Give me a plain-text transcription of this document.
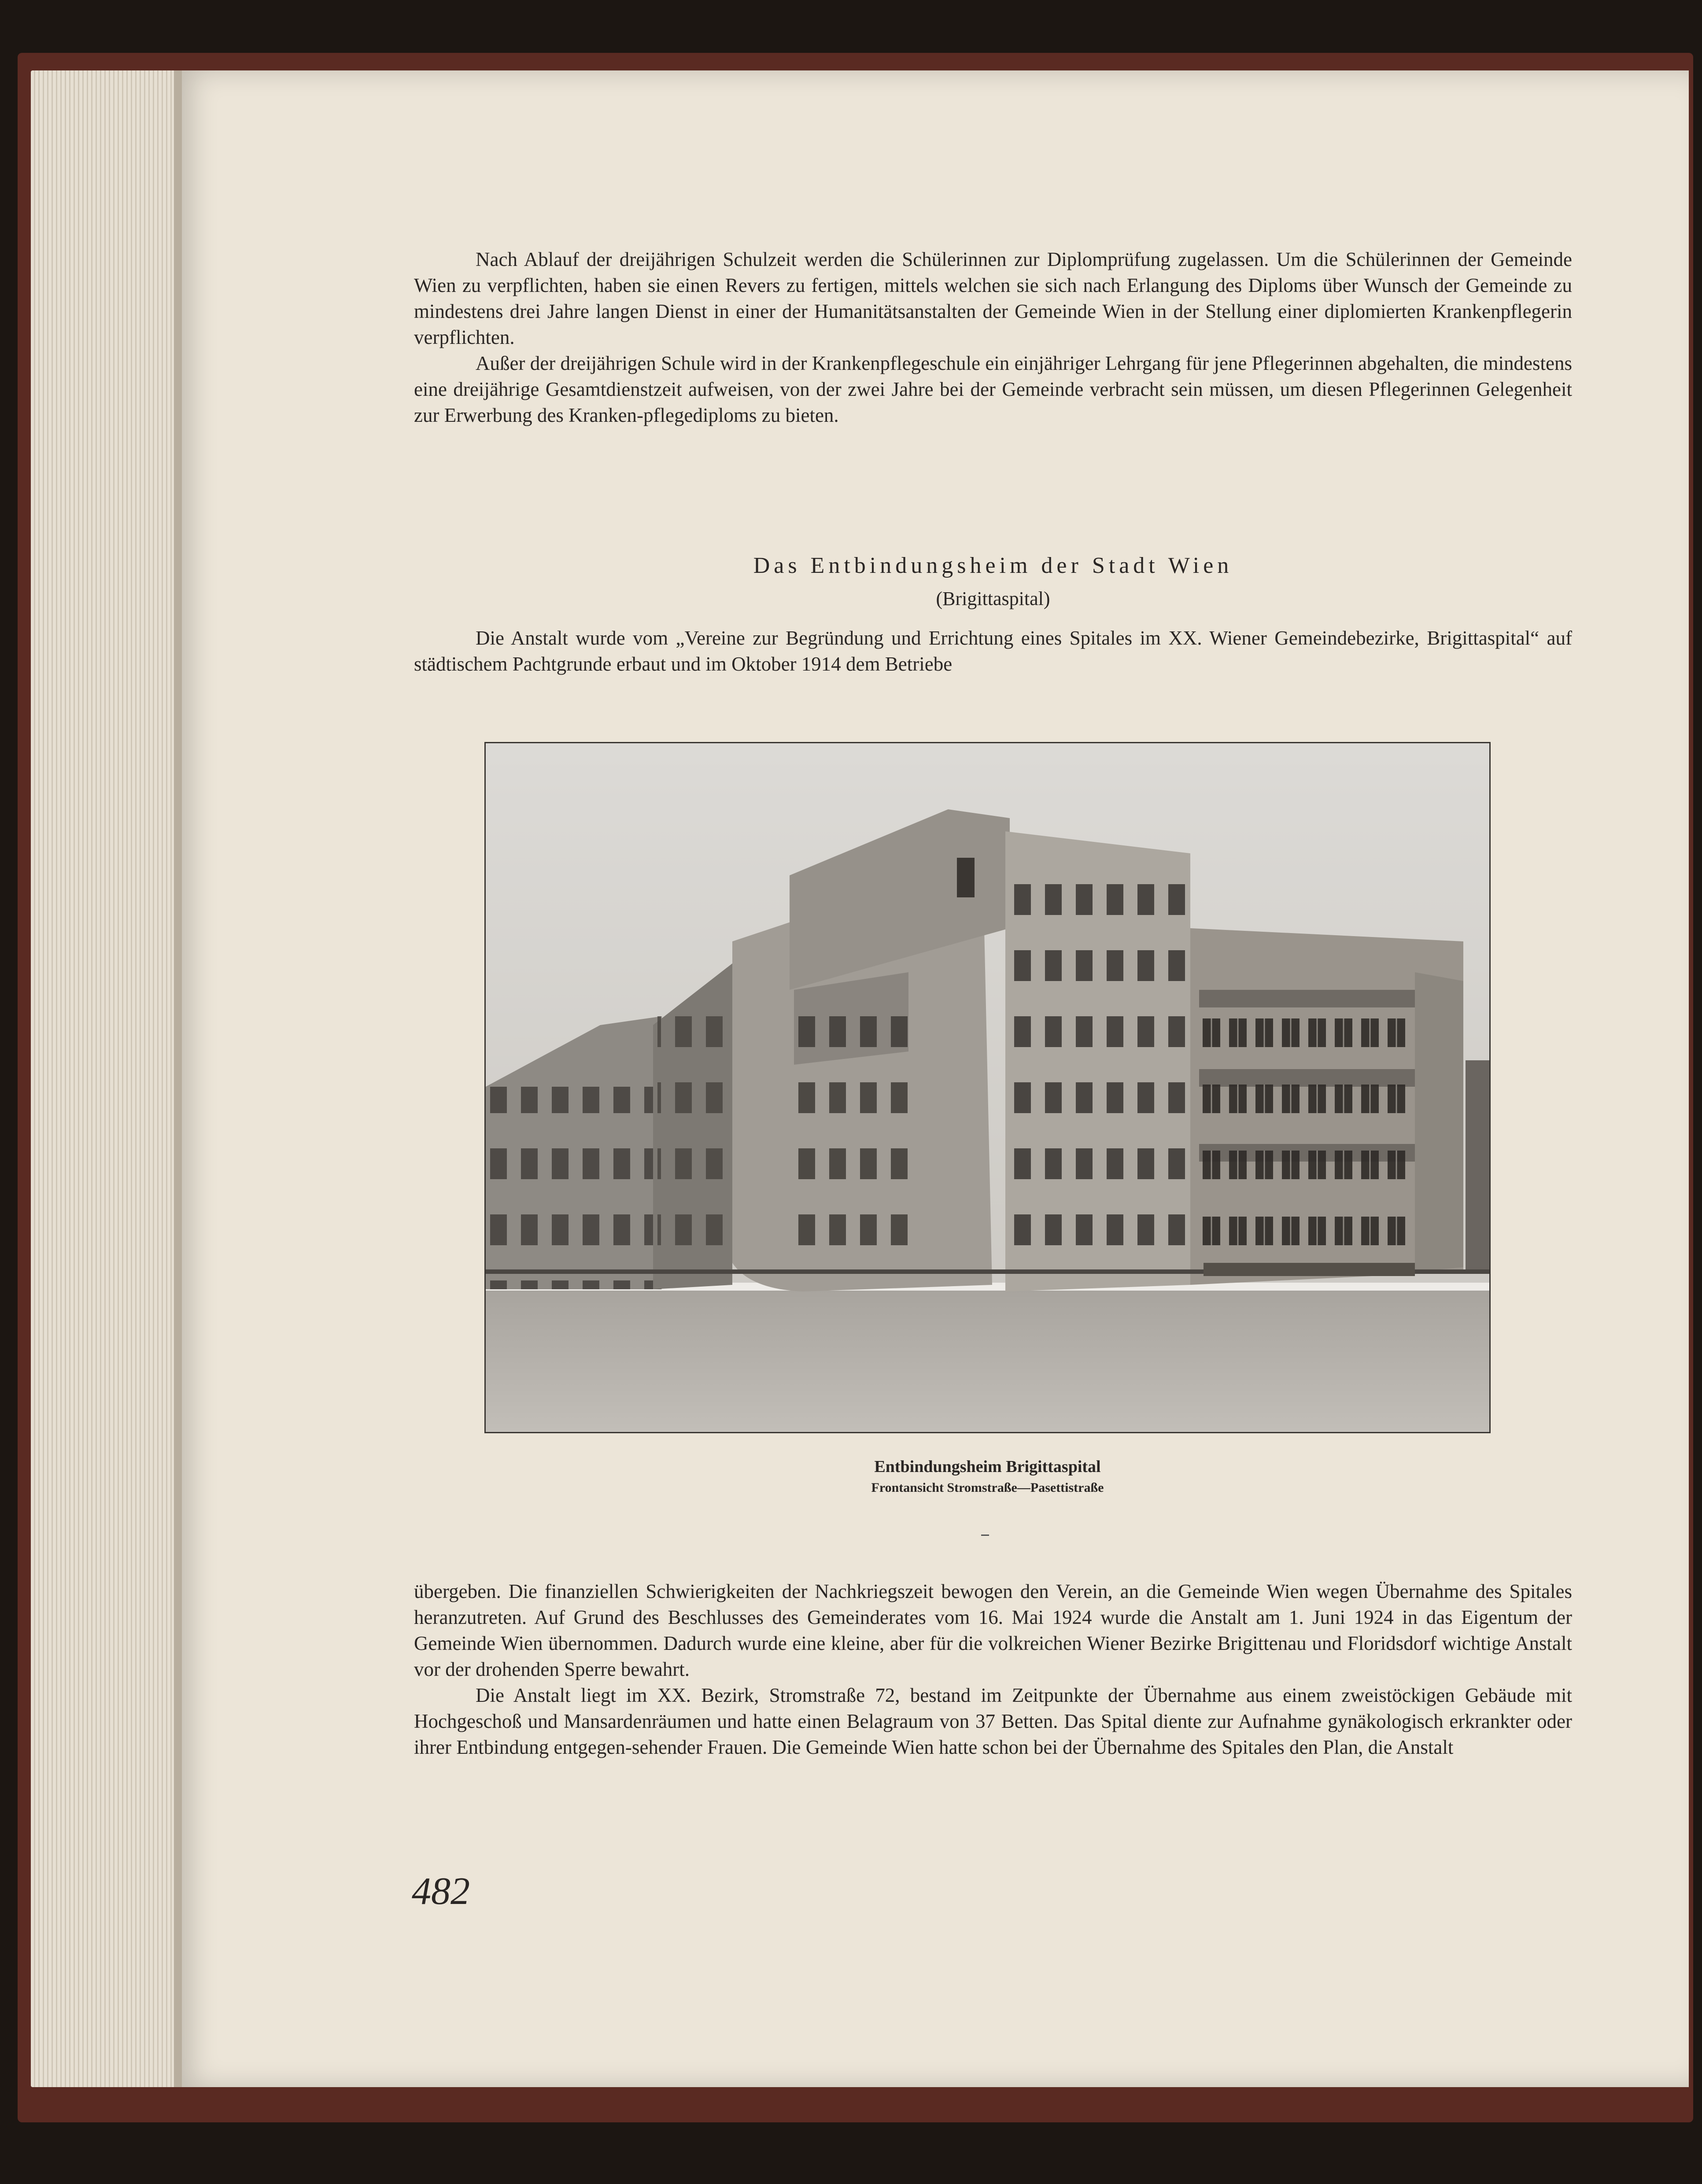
Nach Ablauf der dreijährigen Schulzeit werden die Schülerinnen zur Diplomprüfung zugelassen. Um die Schülerinnen der Gemeinde Wien zu verpflichten, haben sie einen Revers zu fertigen, mittels welchen sie sich nach Erlangung des Diploms über Wunsch der Gemeinde zu mindestens drei Jahre langen Dienst in einer der Humanitätsanstalten der Gemeinde Wien in der Stellung einer diplomierten Krankenpflegerin verpflichten.

Außer der dreijährigen Schule wird in der Krankenpflegeschule ein einjähriger Lehrgang für jene Pflegerinnen abgehalten, die mindestens eine dreijährige Gesamtdienstzeit aufweisen, von der zwei Jahre bei der Gemeinde verbracht sein müssen, um diesen Pflegerinnen Gelegenheit zur Erwerbung des Kranken-pflegediploms zu bieten.

Das Entbindungsheim der Stadt Wien
(Brigittaspital)

Die Anstalt wurde vom „Vereine zur Begründung und Errichtung eines Spitales im XX. Wiener Gemeindebezirke, Brigittaspital“ auf städtischem Pachtgrunde erbaut und im Oktober 1914 dem Betriebe

Entbindungsheim Brigittaspital
Frontansicht Stromstraße—Pasettistraße

übergeben. Die finanziellen Schwierigkeiten der Nachkriegszeit bewogen den Verein, an die Gemeinde Wien wegen Übernahme des Spitales heranzutreten. Auf Grund des Beschlusses des Gemeinderates vom 16. Mai 1924 wurde die Anstalt am 1. Juni 1924 in das Eigentum der Gemeinde Wien übernommen. Dadurch wurde eine kleine, aber für die volkreichen Wiener Bezirke Brigittenau und Floridsdorf wichtige Anstalt vor der drohenden Sperre bewahrt.

Die Anstalt liegt im XX. Bezirk, Stromstraße 72, bestand im Zeitpunkte der Übernahme aus einem zweistöckigen Gebäude mit Hochgeschoß und Mansardenräumen und hatte einen Belagraum von 37 Betten. Das Spital diente zur Aufnahme gynäkologisch erkrankter oder ihrer Entbindung entgegen-sehender Frauen. Die Gemeinde Wien hatte schon bei der Übernahme des Spitales den Plan, die Anstalt

482
